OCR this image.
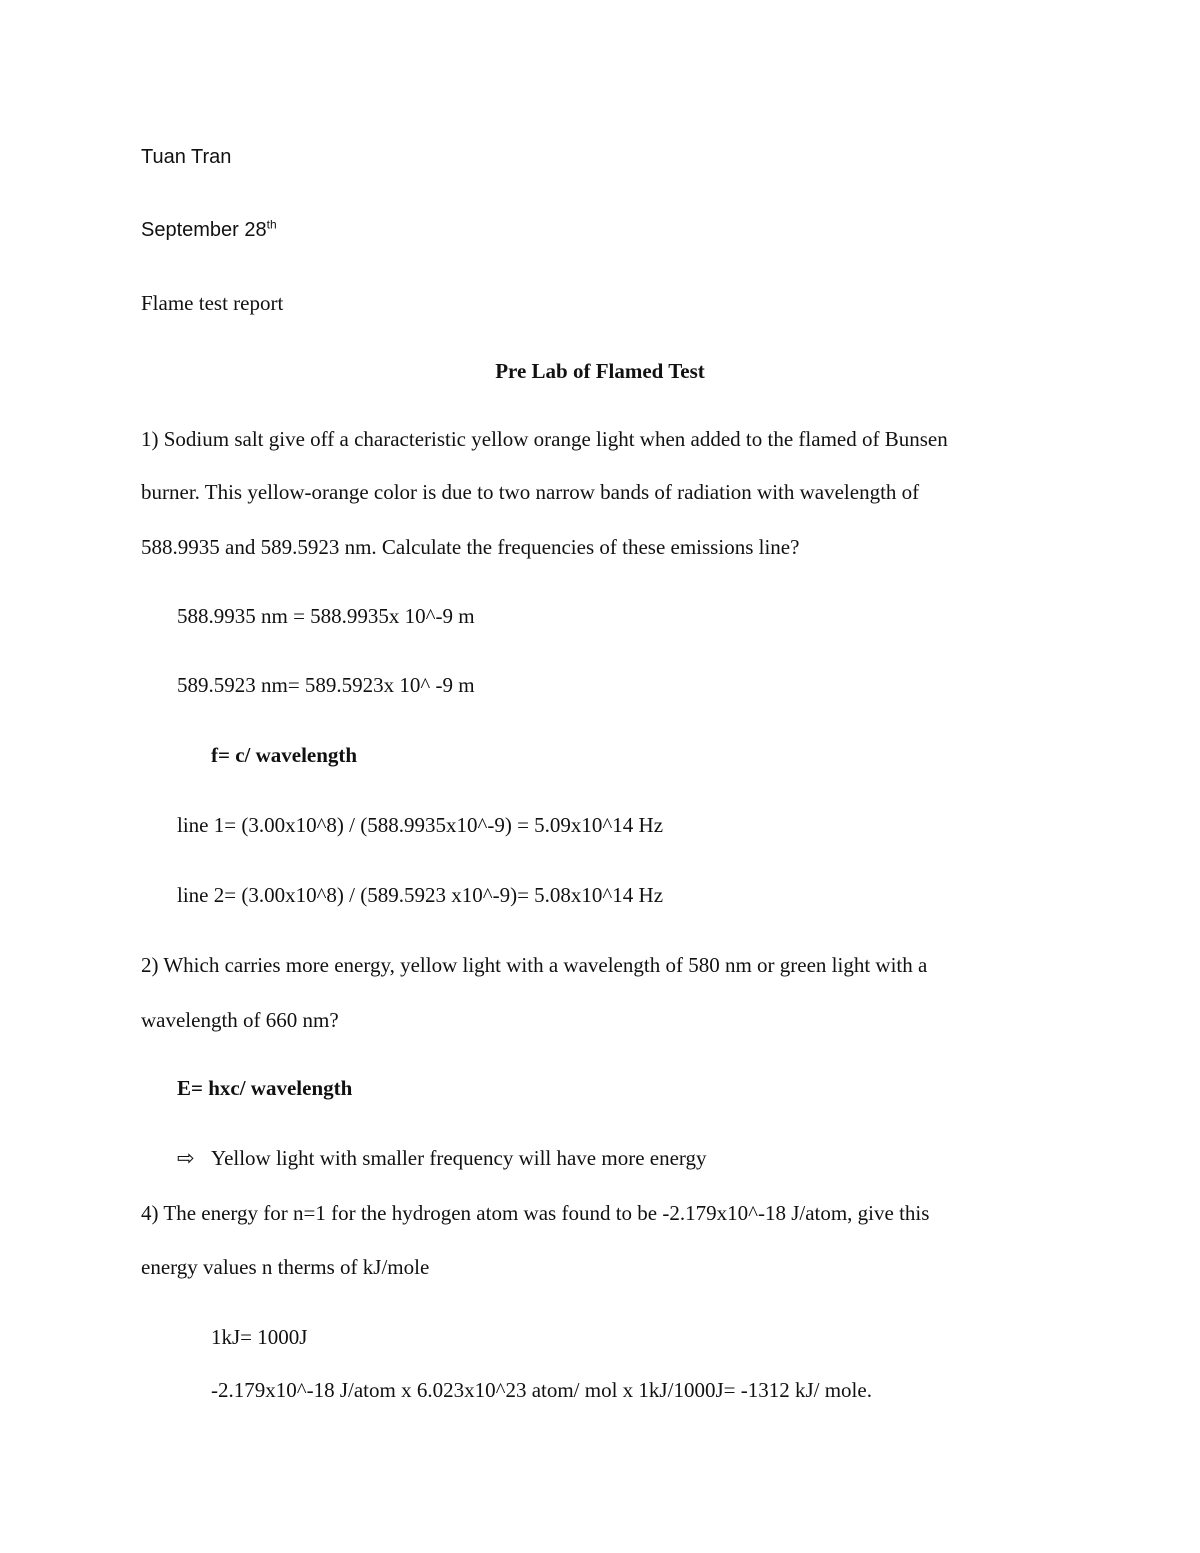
Tuan Tran
September 28th
Flame test report
Pre Lab of Flamed Test
1) Sodium salt give off a characteristic yellow orange light when added to the flamed of Bunsen
burner. This yellow-orange color is due to two narrow bands of radiation with wavelength of
588.9935 and 589.5923 nm. Calculate the frequencies of these emissions line?
588.9935 nm = 588.9935x 10^-9 m
589.5923 nm= 589.5923x 10^ -9 m
f= c/ wavelength
line 1= (3.00x10^8) / (588.9935x10^-9) = 5.09x10^14 Hz
line 2= (3.00x10^8) / (589.5923 x10^-9)= 5.08x10^14 Hz
2) Which carries more energy, yellow light with a wavelength of 580 nm or green light with a
wavelength of 660 nm?
E= hxc/ wavelength
⇨ Yellow light with smaller frequency will have more energy
4) The energy for n=1 for the hydrogen atom was found to be -2.179x10^-18 J/atom, give this
energy values n therms of kJ/mole
1kJ= 1000J
-2.179x10^-18 J/atom x 6.023x10^23 atom/ mol x 1kJ/1000J= -1312 kJ/ mole.
